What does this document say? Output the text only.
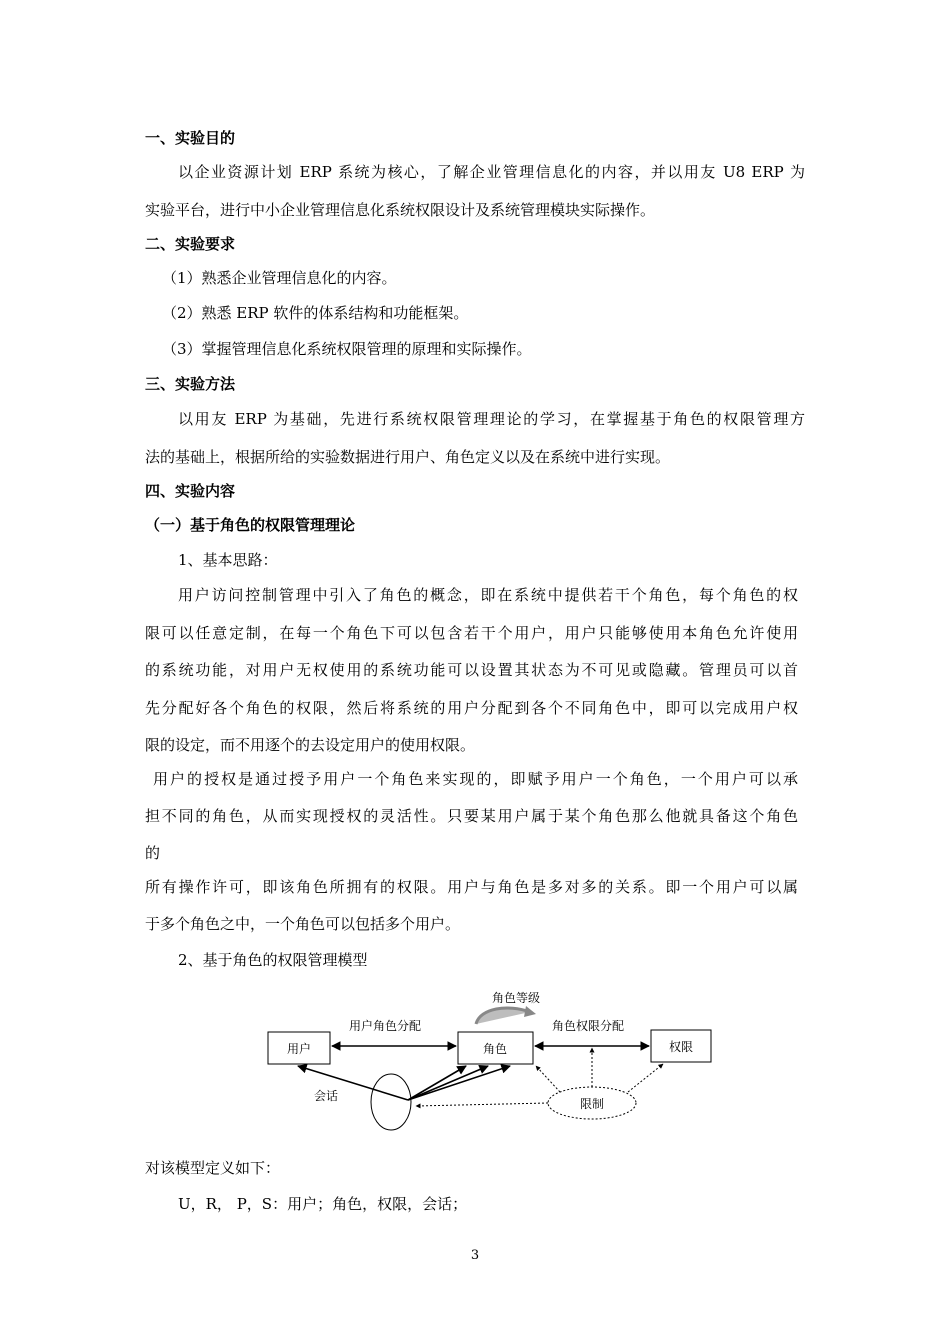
一、实验目的
以企业资源计划 ERP 系统为核心，了解企业管理信息化的内容，并以用友 U8 ERP 为
实验平台，进行中小企业管理信息化系统权限设计及系统管理模块实际操作。
二、实验要求
（1）熟悉企业管理信息化的内容。
（2）熟悉 ERP 软件的体系结构和功能框架。
（3）掌握管理信息化系统权限管理的原理和实际操作。
三、实验方法
以用友 ERP 为基础，先进行系统权限管理理论的学习，在掌握基于角色的权限管理方
法的基础上，根据所给的实验数据进行用户、角色定义以及在系统中进行实现。
四、实验内容
（一）基于角色的权限管理理论
1、基本思路：
用户访问控制管理中引入了角色的概念，即在系统中提供若干个角色，每个角色的权
限可以任意定制，在每一个角色下可以包含若干个用户，用户只能够使用本角色允许使用
的系统功能，对用户无权使用的系统功能可以设置其状态为不可见或隐藏。管理员可以首
先分配好各个角色的权限，然后将系统的用户分配到各个不同角色中，即可以完成用户权
限的设定，而不用逐个的去设定用户的使用权限。
用户的授权是通过授予用户一个角色来实现的，即赋予用户一个角色，一个用户可以承
担不同的角色，从而实现授权的灵活性。只要某用户属于某个角色那么他就具备这个角色
的
所有操作许可，即该角色所拥有的权限。用户与角色是多对多的关系。即一个用户可以属
于多个角色之中，一个角色可以包括多个用户。
2、基于角色的权限管理模型
用户	角色	权限
用户角色分配	角色权限分配
角色等级
会话
限制
对该模型定义如下：
U，R， P，S：用户；角色，权限，会话；
3
